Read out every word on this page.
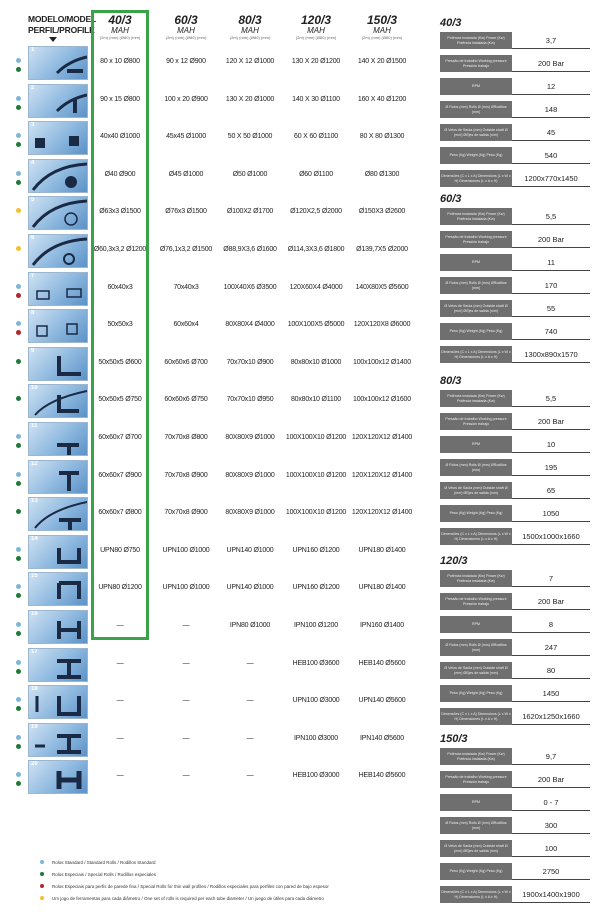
MODELO/MODEL
PERFIL/PROFILE
40/3
MAH
(2m) (mm) (Ø80) (mm)
60/3
MAH
(2m) (mm) (Ø80) (mm)
80/3
MAH
(2m) (mm) (Ø80) (mm)
120/3
MAH
(2m) (mm) (Ø80) (mm)
150/3
MAH
(2m) (mm) (Ø80) (mm)
1
80 x 10 Ø800	90 x 12 Ø900	120 X 12 Ø1000	130 X 20 Ø1200	140 X 20 Ø1500
2
90 x 15 Ø800	100 x 20 Ø900	130 X 20 Ø1000	140 X 30 Ø1100	160 X 40 Ø1200
3
40x40 Ø1000	45x45 Ø1000	50 X 50 Ø1000	60 X 60 Ø1100	80 X 80 Ø1300
4
Ø40 Ø900	Ø45 Ø1000	Ø50 Ø1000	Ø60 Ø1100	Ø80 Ø1300
5
Ø63x3 Ø1500	Ø76x3 Ø1500	Ø100X2 Ø1700	Ø120X2,5 Ø2000	Ø150X3 Ø2600
6
Ø60,3x3,2 Ø1200	Ø76,1x3,2 Ø1500	Ø88,9X3,6 Ø1600	Ø114,3X3,6 Ø1800	Ø139,7X5 Ø2000
7
60x40x3	70x40x3	100X40X6 Ø3500	120X60X4 Ø4000	140X80X5 Ø5600
8
50x50x3	60x60x4	80X80X4 Ø4000	100X100X5 Ø5000	120X120X8 Ø6000
9
50x50x5 Ø600	60x60x6 Ø700	70x70x10 Ø900	80x80x10 Ø1000	100x100x12 Ø1400
10
50x50x5 Ø750	60x60x6 Ø750	70x70x10 Ø950	80x80x10 Ø1100	100x100x12 Ø1600
11
60x60x7 Ø700	70x70x8 Ø800	80X80X9 Ø1000	100X100X10 Ø1200 120X120X12 Ø1400
12
60x60x7 Ø900	70x70x8 Ø900	80X80X9 Ø1000	100X100X10 Ø1200 120X120X12 Ø1400
13
60x60x7 Ø800	70x70x8 Ø900	80X80X9 Ø1000	100X100X10 Ø1200 120X120X12 Ø1400
14
UPN80 Ø750	UPN100 Ø1000	UPN140 Ø1000	UPN160 Ø1200	UPN180 Ø1400
15
UPN80 Ø1200	UPN100 Ø1000	UPN140 Ø1000	UPN160 Ø1200	UPN180 Ø1400
16
—	—	IPN80 Ø1000	IPN100 Ø1200	IPN160 Ø1400
17
—	—	—	HEB100 Ø3600	HEB140 Ø5600
18
—	—	—	UPN100 Ø3000	UPN140 Ø5600
19
—	—	—	IPN100 Ø3000	IPN140 Ø5600
20
—	—	—	HEB100 Ø3000	HEB140 Ø5600
40/3
Potência instalada (Kw) Power (Kw) Potência instalada (Kw)	3,7
Pressão de trabalho Working pressure Pressión trabajo	200 Bar
RPM	12
Ø Rolos (mm) Rolls Ø (mm) ØRodillos (mm)	148
Ø Veios de Saída (mm) Outside shaft Ø (mm) ØEjes de salida (mm)	45
Peso (Kg) Weight (Kg) Peso (Kg)	540
Dimensões (C x L x A) Dimensions (L x W x H) Dimensiones (L x A x H)	1200x770x1450
60/3
Potência instalada (Kw) Power (Kw) Potência instalada (Kw)	5,5
Pressão de trabalho Working pressure Pressión trabajo	200 Bar
RPM	11
Ø Rolos (mm) Rolls Ø (mm) ØRodillos (mm)	170
Ø Veios de Saída (mm) Outside shaft Ø (mm) ØEjes de salida (mm)	55
Peso (Kg) Weight (Kg) Peso (Kg)	740
Dimensões (C x L x A) Dimensions (L x W x H) Dimensiones (L x A x H)	1300x890x1570
80/3
Potência instalada (Kw) Power (Kw) Potência instalada (Kw)	5,5
Pressão de trabalho Working pressure Pressión trabajo	200 Bar
RPM	10
Ø Rolos (mm) Rolls Ø (mm) ØRodillos (mm)	195
Ø Veios de Saída (mm) Outside shaft Ø (mm) ØEjes de salida (mm)	65
Peso (Kg) Weight (Kg) Peso (Kg)	1050
Dimensões (C x L x A) Dimensions (L x W x H) Dimensiones (L x A x H)	1500x1000x1660
120/3
Potência instalada (Kw) Power (Kw) Potência instalada (Kw)	7
Pressão de trabalho Working pressure Pressión trabajo	200 Bar
RPM	8
Ø Rolos (mm) Rolls Ø (mm) ØRodillos (mm)	247
Ø Veios de Saída (mm) Outside shaft Ø (mm) ØEjes de salida (mm)	80
Peso (Kg) Weight (Kg) Peso (Kg)	1450
Dimensões (C x L x A) Dimensions (L x W x H) Dimensiones (L x A x H)	1620x1250x1660
150/3
Potência instalada (Kw) Power (Kw) Potência instalada (Kw)	9,7
Pressão de trabalho Working pressure Pressión trabajo	200 Bar
RPM	0 - 7
Ø Rolos (mm) Rolls Ø (mm) ØRodillos (mm)	300
Ø Veios de Saída (mm) Outside shaft Ø (mm) ØEjes de salida (mm)	100
Peso (Kg) Weight (Kg) Peso (Kg)	2750
Dimensões (C x L x A) Dimensions (L x W x H) Dimensiones (L x A x H)	1900x1400x1900
Rolos Standard / Standard Rolls / Rodillos Standard
Rolos Especiais / Special Rolls / Rodillos especiales
Rolos Especiais para perfis de parede fina / Special Rolls for thin wall profiles / Rodillos especiales para perfiles con pared de bajo espesor
Um jogo de ferramentas para cada diâmetro / One set of rolls is required per each tube diameter / Un juego de útiles para cada diámetro
